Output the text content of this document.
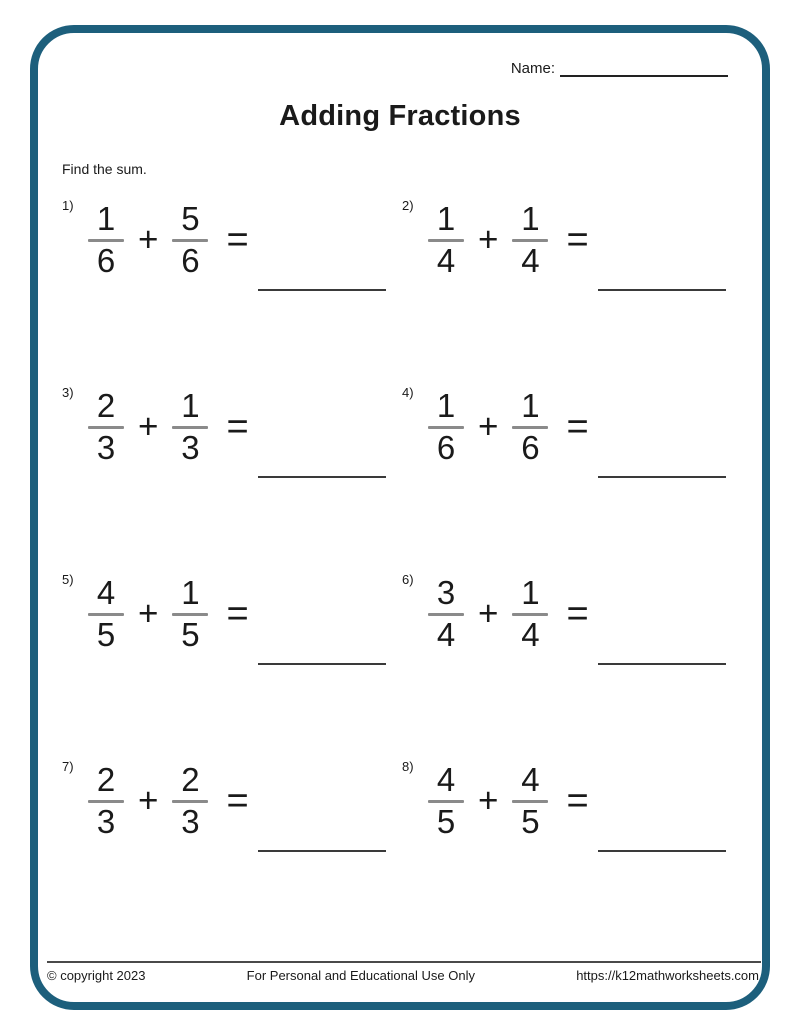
Name:
Adding Fractions
Find the sum.
$1) \frac{1}{6} + \frac{5}{6}$ =
$2) \frac{1}{4} + \frac{1}{4}$ =
$3) \frac{2}{3} + \frac{1}{3}$ =
$4) \frac{1}{6} + \frac{1}{6}$ =
$5) \frac{4}{5} + \frac{1}{5}$ =
$6) \frac{3}{4} + \frac{1}{4}$ =
$7) \frac{2}{3} + \frac{2}{3}$ =
$8) \frac{4}{5} + \frac{4}{5}$ =
© copyright 2023	For Personal and Educational Use Only	https://k12mathworksheets.com
